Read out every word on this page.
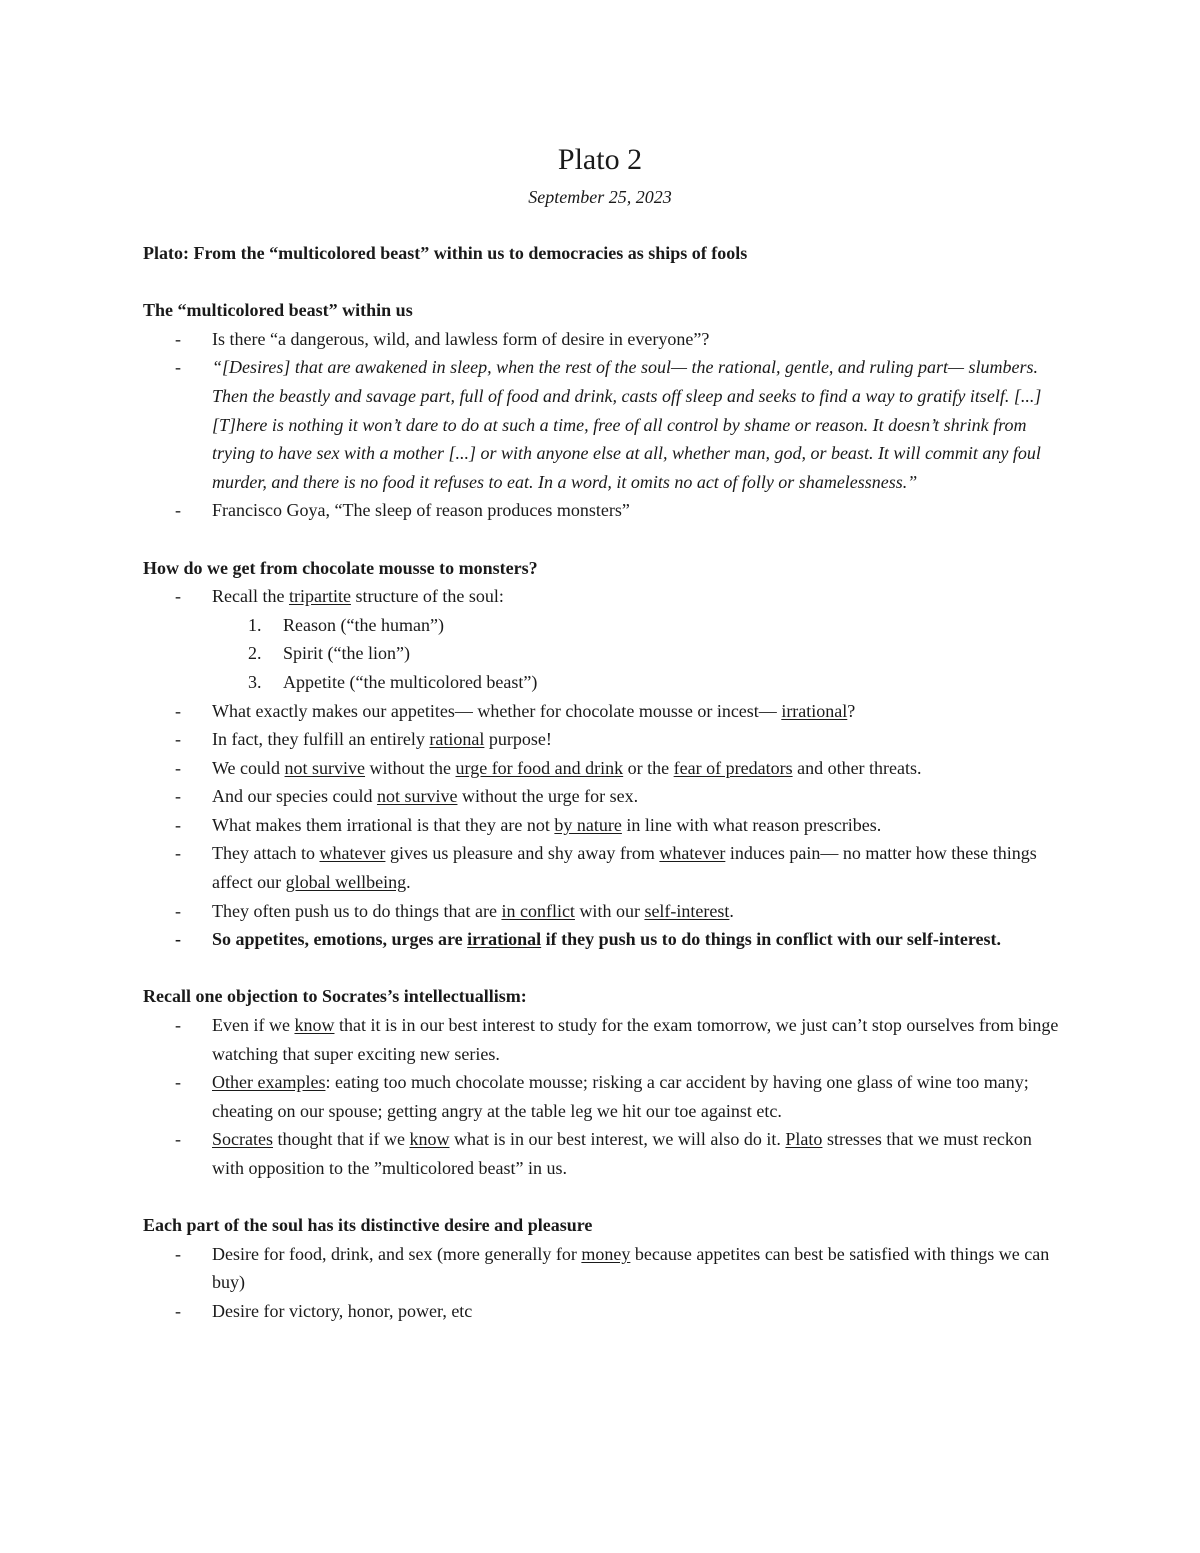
Plato 2
September 25, 2023

Plato: From the “multicolored beast” within us to democracies as ships of fools

The “multicolored beast” within us

- Is there “a dangerous, wild, and lawless form of desire in everyone”?

- “[Desires] that are awakened in sleep, when the rest of the soul— the rational, gentle, and ruling part— slumbers. Then the beastly and savage part, full of food and drink, casts off sleep and seeks to find a way to gratify itself. [...] [T]here is nothing it won’t dare to do at such a time, free of all control by shame or reason. It doesn’t shrink from trying to have sex with a mother [...] or with anyone else at all, whether man, god, or beast. It will commit any foul murder, and there is no food it refuses to eat. In a word, it omits no act of folly or shamelessness.”

- Francisco Goya, “The sleep of reason produces monsters”

How do we get from chocolate mousse to monsters?

- Recall the tripartite structure of the soul:

1. Reason (“the human”)

2. Spirit (“the lion”)

3. Appetite (“the multicolored beast”)

- What exactly makes our appetites— whether for chocolate mousse or incest— irrational?

- In fact, they fulfill an entirely rational purpose!

- We could not survive without the urge for food and drink or the fear of predators and other threats.

- And our species could not survive without the urge for sex.

- What makes them irrational is that they are not by nature in line with what reason prescribes.

- They attach to whatever gives us pleasure and shy away from whatever induces pain— no matter how these things affect our global wellbeing.

- They often push us to do things that are in conflict with our self-interest.

- So appetites, emotions, urges are irrational if they push us to do things in conflict with our self-interest.

Recall one objection to Socrates’s intellectuallism:

- Even if we know that it is in our best interest to study for the exam tomorrow, we just can’t stop ourselves from binge watching that super exciting new series.

- Other examples: eating too much chocolate mousse; risking a car accident by having one glass of wine too many; cheating on our spouse; getting angry at the table leg we hit our toe against etc.

- Socrates thought that if we know what is in our best interest, we will also do it. Plato stresses that we must reckon with opposition to the ”multicolored beast” in us.

Each part of the soul has its distinctive desire and pleasure

- Desire for food, drink, and sex (more generally for money because appetites can best be satisfied with things we can buy)

- Desire for victory, honor, power, etc
